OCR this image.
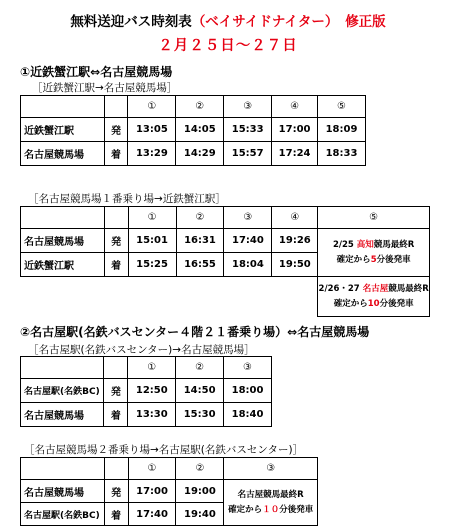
無料送迎バス時刻表（ベイサイドナイター）　 修正版
２月２５日～２７日
①近鉄蟹江駅⇔名古屋競馬場
［近鉄蟹江駅→名古屋競馬場］
		①	②	③	④	⑤
近鉄蟹江駅	発	13:05	14:05	15:33	17:00	18:09
名古屋競馬場	着	13:29	14:29	15:57	17:24	18:33
［名古屋競馬場１番乗り場→近鉄蟹江駅］
		①	②	③	④	⑤
名古屋競馬場	発	15:01	16:31	17:40	19:26	2/25 高知競馬最終R
確定から5分後発車
近鉄蟹江駅	着	15:25	16:55	18:04	19:50	
						2/26・27 名古屋競馬最終R
確定から10分後発車
②名古屋駅(名鉄バスセンター４階２１番乗り場）⇔名古屋競馬場
［名古屋駅(名鉄バスセンター)→名古屋競馬場］
		①	②	③
名古屋駅(名鉄BC)	発	12:50	14:50	18:00
名古屋競馬場	着	13:30	15:30	18:40
［名古屋競馬場２番乗り場→名古屋駅(名鉄バスセンター)］
		①	②	③
名古屋競馬場	発	17:00	19:00	名古屋競馬最終R
確定から１０分後発車
名古屋駅(名鉄BC)	着	17:40	19:40	
